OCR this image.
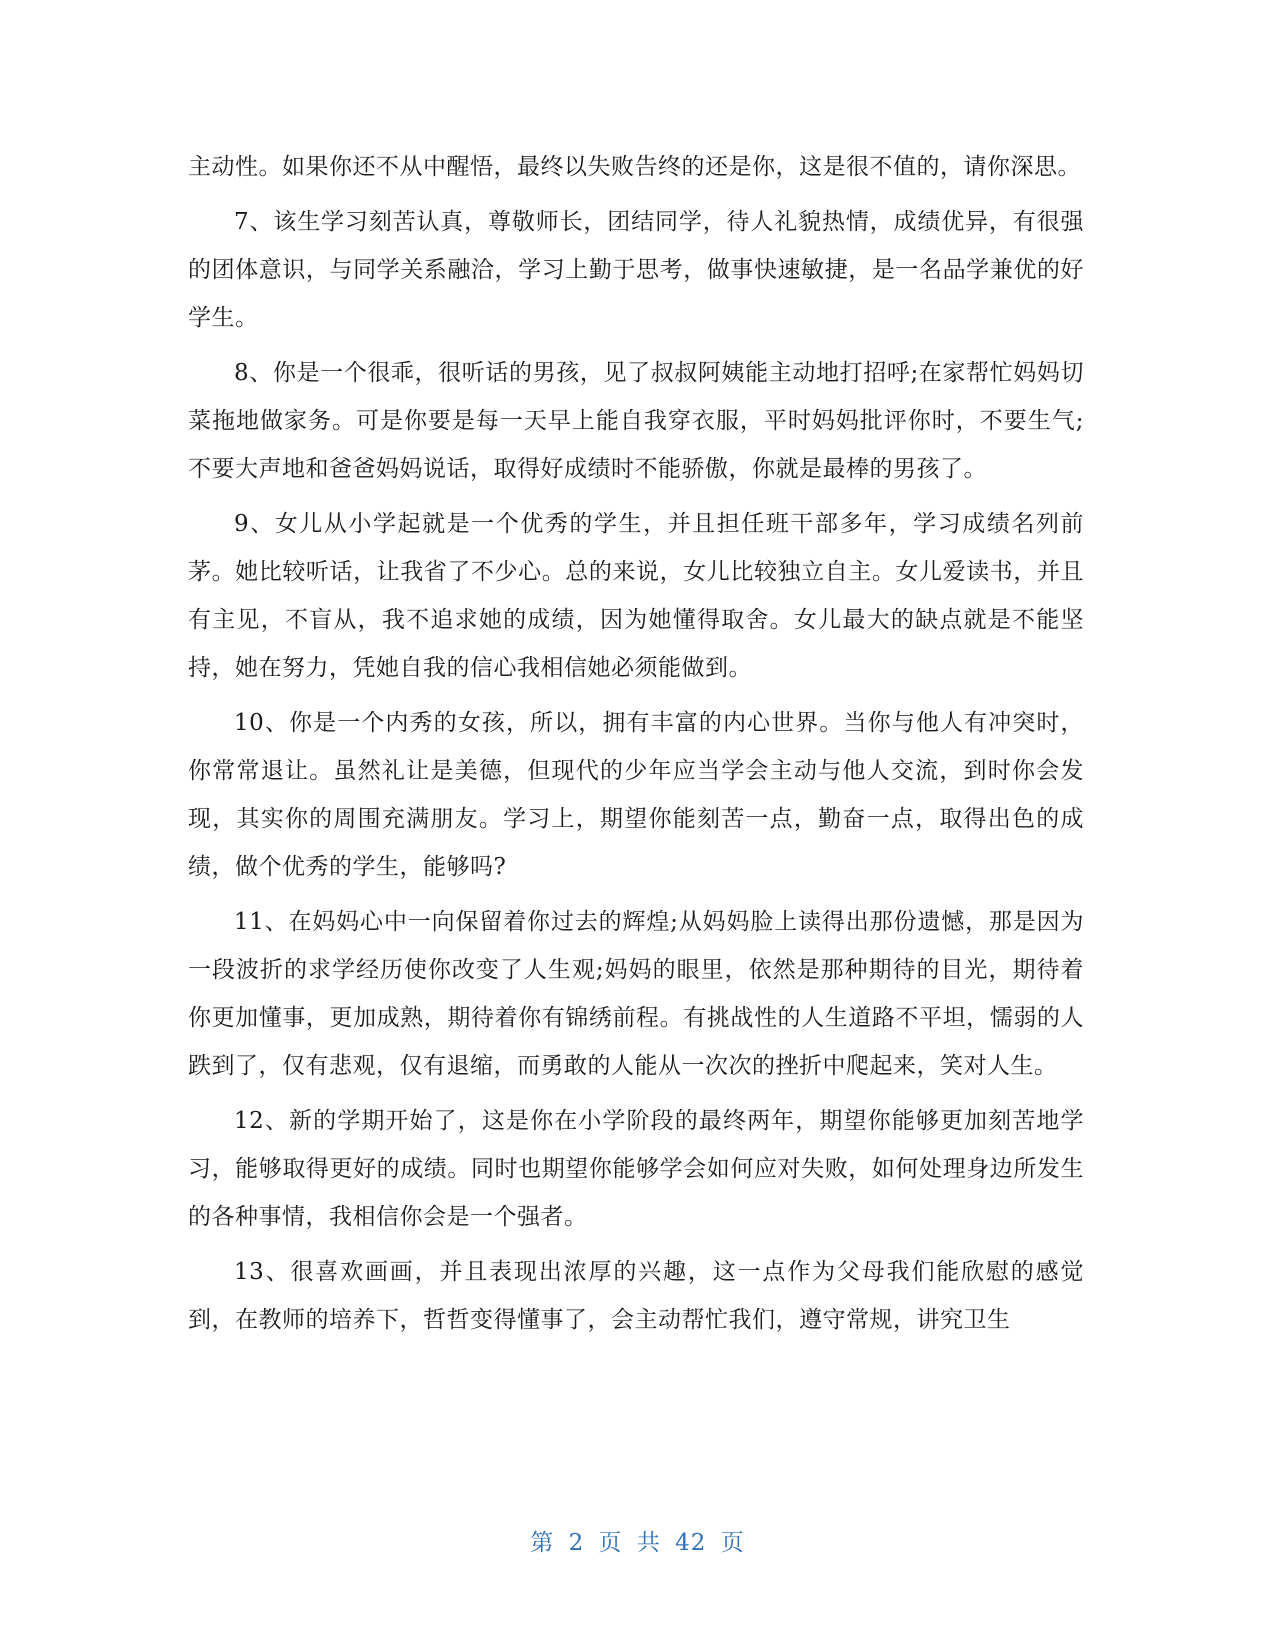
主动性。如果你还不从中醒悟，最终以失败告终的还是你，这是很不值的，请你深思。

7、该生学习刻苦认真，尊敬师长，团结同学，待人礼貌热情，成绩优异，有很强的团体意识，与同学关系融洽，学习上勤于思考，做事快速敏捷，是一名品学兼优的好学生。

8、你是一个很乖，很听话的男孩，见了叔叔阿姨能主动地打招呼;在家帮忙妈妈切菜拖地做家务。可是你要是每一天早上能自我穿衣服，平时妈妈批评你时，不要生气;不要大声地和爸爸妈妈说话，取得好成绩时不能骄傲，你就是最棒的男孩了。

9、女儿从小学起就是一个优秀的学生，并且担任班干部多年，学习成绩名列前茅。她比较听话，让我省了不少心。总的来说，女儿比较独立自主。女儿爱读书，并且有主见，不盲从，我不追求她的成绩，因为她懂得取舍。女儿最大的缺点就是不能坚持，她在努力，凭她自我的信心我相信她必须能做到。

10、你是一个内秀的女孩，所以，拥有丰富的内心世界。当你与他人有冲突时，你常常退让。虽然礼让是美德，但现代的少年应当学会主动与他人交流，到时你会发现，其实你的周围充满朋友。学习上，期望你能刻苦一点，勤奋一点，取得出色的成绩，做个优秀的学生，能够吗?

11、在妈妈心中一向保留着你过去的辉煌;从妈妈脸上读得出那份遗憾，那是因为一段波折的求学经历使你改变了人生观;妈妈的眼里，依然是那种期待的目光，期待着你更加懂事，更加成熟，期待着你有锦绣前程。有挑战性的人生道路不平坦，懦弱的人跌到了，仅有悲观，仅有退缩，而勇敢的人能从一次次的挫折中爬起来，笑对人生。

12、新的学期开始了，这是你在小学阶段的最终两年，期望你能够更加刻苦地学习，能够取得更好的成绩。同时也期望你能够学会如何应对失败，如何处理身边所发生的各种事情，我相信你会是一个强者。

13、很喜欢画画，并且表现出浓厚的兴趣，这一点作为父母我们能欣慰的感觉到，在教师的培养下，哲哲变得懂事了，会主动帮忙我们，遵守常规，讲究卫生

第 2 页 共 42 页
